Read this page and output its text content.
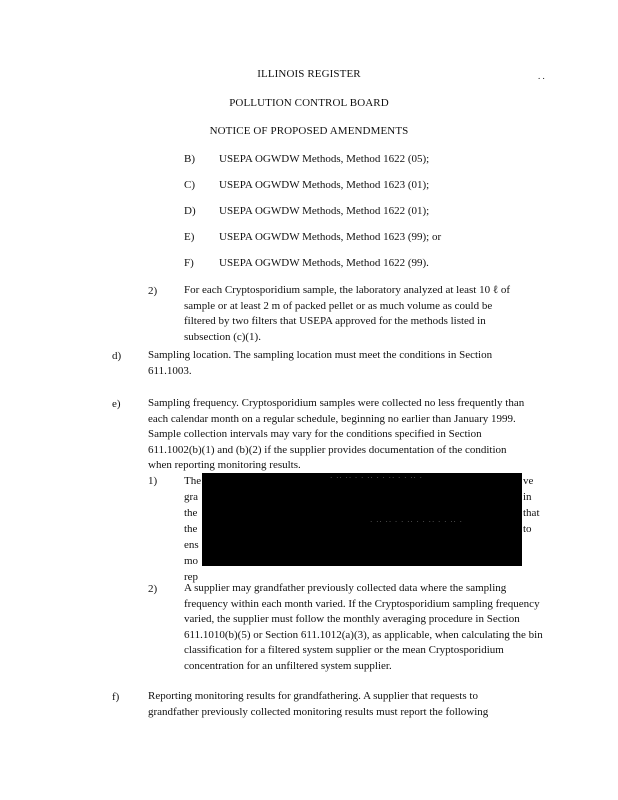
ILLINOIS REGISTER	. .
POLLUTION CONTROL BOARD
NOTICE OF PROPOSED AMENDMENTS
B) USEPA OGWDW Methods, Method 1622 (05);
C) USEPA OGWDW Methods, Method 1623 (01);
D) USEPA OGWDW Methods, Method 1622 (01);
E) USEPA OGWDW Methods, Method 1623 (99); or
F) USEPA OGWDW Methods, Method 1622 (99).
2) For each Cryptosporidium sample, the laboratory analyzed at least 10 ℓ of sample or at least 2 m of packed pellet or as much volume as could be filtered by two filters that USEPA approved for the methods listed in subsection (c)(1).
d) Sampling location. The sampling location must meet the conditions in Section 611.1003.
e) Sampling frequency. Cryptosporidium samples were collected no less frequently than each calendar month on a regular schedule, beginning no earlier than January 1999. Sample collection intervals may vary for the conditions specified in Section 611.1002(b)(1) and (b)(2) if the supplier provides documentation of the condition when reporting monitoring results.
1) The
gra
the
the
ens
mo
rep
ve
in
that
to
· ·· ·· · · ·· · · ·· · · ·· ·
· ·· ·· · · ·· · · ·· · · ·· ·
2) A supplier may grandfather previously collected data where the sampling frequency within each month varied. If the Cryptosporidium sampling frequency varied, the supplier must follow the monthly averaging procedure in Section 611.1010(b)(5) or Section 611.1012(a)(3), as applicable, when calculating the bin classification for a filtered system supplier or the mean Cryptosporidium concentration for an unfiltered system supplier.
f)	Reporting monitoring results for grandfathering. A supplier that requests to grandfather previously collected monitoring results must report the following
